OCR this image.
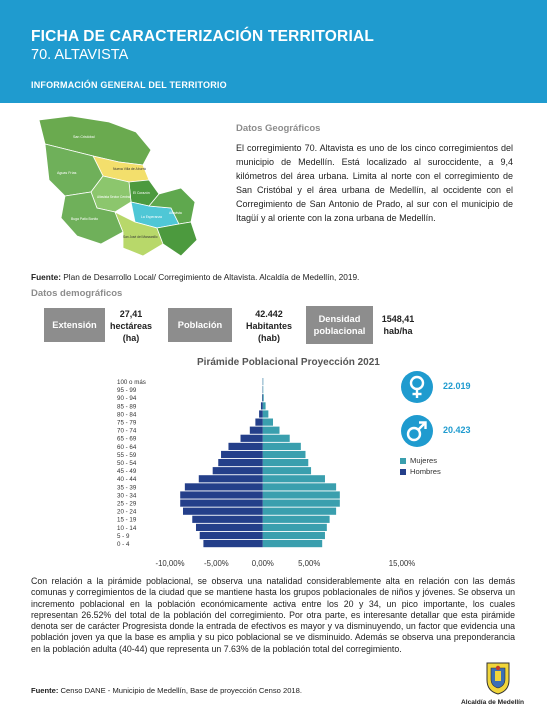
FICHA DE CARACTERIZACIÓN TERRITORIAL
70. ALTAVISTA
INFORMACIÓN GENERAL DEL TERRITORIO
San Cristóbal
Nueva Villa de Aburrá
Aguas Frías
El Corazón
Altavista Sector Central
La Esperanza
Buga Patio Bonito
San José del Manzanillo
Altavista
Datos Geográficos
El corregimiento 70. Altavista es uno de los cinco corregimientos del municipio de Medellín. Está localizado al suroccidente, a 9,4 kilómetros del área urbana. Limita al norte con el corregimiento de San Cristóbal y el área urbana de Medellín, al occidente con el Corregimiento de San Antonio de Prado, al sur con el municipio de Itagüí y al oriente con la zona urbana de Medellín.
Fuente: Plan de Desarrollo Local/ Corregimiento de Altavista. Alcaldía de Medellín, 2019.
Datos demográficos
Extensión
27,41 hectáreas (ha)
Población
42.442 Habitantes (hab)
Densidad poblacional
1548,41 hab/ha
Pirámide Poblacional Proyección 2021
0 - 4
5 - 9
10 - 14
15 - 19
20 - 24
25 - 29
30 - 34
35 - 39
40 - 44
45 - 49
50 - 54
55 - 59
60 - 64
65 - 69
70 - 74
75 - 79
80 - 84
85 - 89
90 - 94
95 - 99
100 o más
-10,00%	-5,00%	0,00%	5,00%	15,00%
22.019
20.423
Mujeres
Hombres
Con relación a la pirámide poblacional, se observa una natalidad considerablemente alta en relación con las demás comunas y corregimientos de la ciudad que se mantiene hasta los grupos poblacionales de niños y jóvenes. Se observa un incremento poblacional en la población económicamente activa entre los 20 y 34, un pico importante, los cuales representan 26.52% del total de la población del corregimiento. Por otra parte, es interesante detallar que esta pirámide denota ser de carácter Progresista donde la entrada de efectivos es mayor y va disminuyendo, un factor que evidencia una población joven ya que la base es amplia y su pico poblacional se ve disminuido. Además se observa una preponderancia en la población adulta (40-44) que representa un 7.63% de la población total del corregimiento.
Fuente: Censo DANE - Municipio de Medellín, Base de proyección Censo 2018.
Alcaldía de Medellín
